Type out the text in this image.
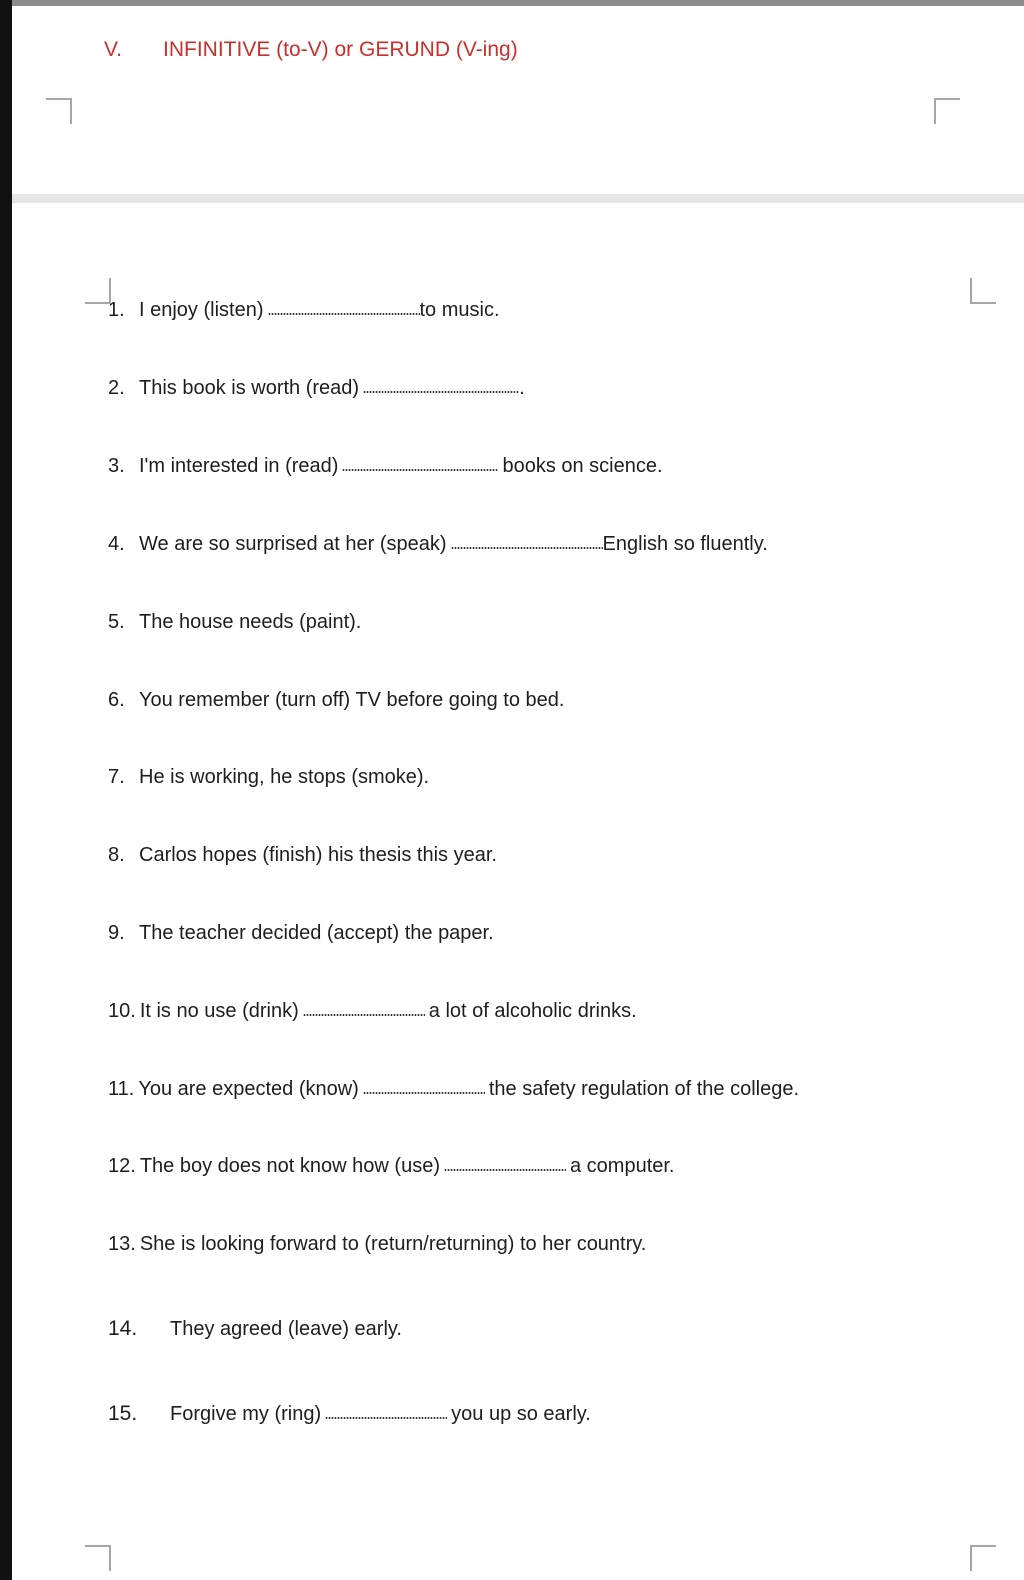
V. INFINITIVE (to-V) or GERUND (V-ing)
1. I enjoy (listen)	to music.
2. This book is worth (read)	.
3. I'm interested in (read)	books on science.
4. We are so surprised at her (speak)	English so fluently.
5. The house needs (paint).
6. You remember (turn off) TV before going to bed.
7. He is working, he stops (smoke).
8. Carlos hopes (finish) his thesis this year.
9. The teacher decided (accept) the paper.
10. It is no use (drink)	a lot of alcoholic drinks.
11. You are expected (know)	the safety regulation of the college.
12. The boy does not know how (use)	a computer.
13. She is looking forward to (return/returning) to her country.
14. They agreed (leave) early.
15. Forgive my (ring)	you up so early.
